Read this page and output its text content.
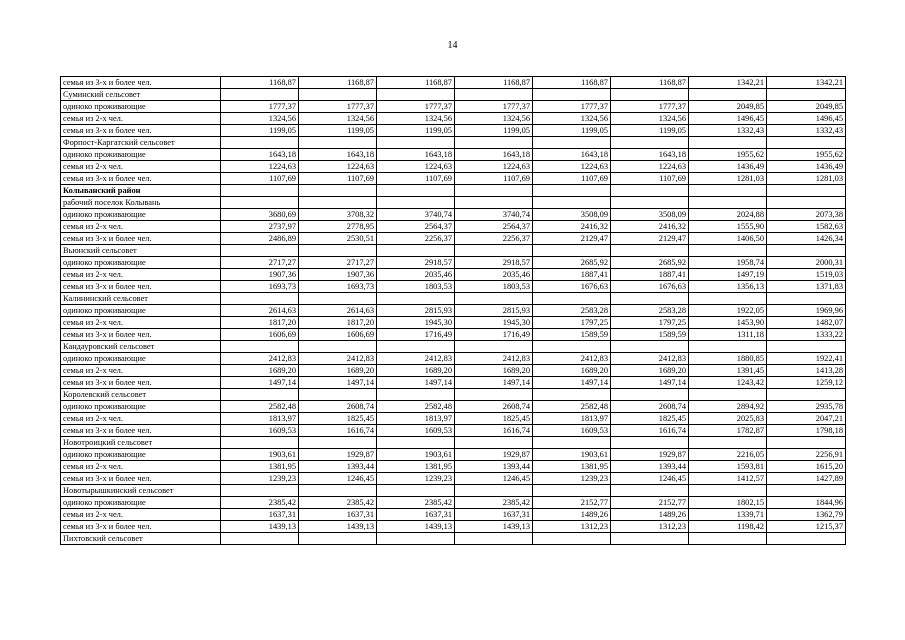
14
семья из 3-х и более чел.	1168,87	1168,87	1168,87	1168,87	1168,87	1168,87	1342,21	1342,21
Суминский сельсовет								
одиноко проживающие	1777,37	1777,37	1777,37	1777,37	1777,37	1777,37	2049,85	2049,85
семья из 2-х чел.	1324,56	1324,56	1324,56	1324,56	1324,56	1324,56	1496,45	1496,45
семья из 3-х и более чел.	1199,05	1199,05	1199,05	1199,05	1199,05	1199,05	1332,43	1332,43
Форпост-Каргатский сельсовет								
одиноко проживающие	1643,18	1643,18	1643,18	1643,18	1643,18	1643,18	1955,62	1955,62
семья из 2-х чел.	1224,63	1224,63	1224,63	1224,63	1224,63	1224,63	1436,49	1436,49
семья из 3-х и более чел.	1107,69	1107,69	1107,69	1107,69	1107,69	1107,69	1281,03	1281,03
Колыванский район								
рабочий поселок Колывань								
одиноко проживающие	3680,69	3708,32	3740,74	3740,74	3508,09	3508,09	2024,88	2073,38
семья из 2-х чел.	2737,97	2778,95	2564,37	2564,37	2416,32	2416,32	1555,90	1582,63
семья из 3-х и более чел.	2486,89	2530,51	2256,37	2256,37	2129,47	2129,47	1406,50	1426,34
Вьюнский сельсовет								
одиноко проживающие	2717,27	2717,27	2918,57	2918,57	2685,92	2685,92	1958,74	2000,31
семья из 2-х чел.	1907,36	1907,36	2035,46	2035,46	1887,41	1887,41	1497,19	1519,03
семья из 3-х и более чел.	1693,73	1693,73	1803,53	1803,53	1676,63	1676,63	1356,13	1371,83
Калининский сельсовет								
одиноко проживающие	2614,63	2614,63	2815,93	2815,93	2583,28	2583,28	1922,05	1969,96
семья из 2-х чел.	1817,20	1817,20	1945,30	1945,30	1797,25	1797,25	1453,90	1482,07
семья из 3-х и более чел.	1606,69	1606,69	1716,49	1716,49	1589,59	1589,59	1311,18	1333,22
Кандауровский сельсовет								
одиноко проживающие	2412,83	2412,83	2412,83	2412,83	2412,83	2412,83	1880,85	1922,41
семья из 2-х чел.	1689,20	1689,20	1689,20	1689,20	1689,20	1689,20	1391,45	1413,28
семья из 3-х и более чел.	1497,14	1497,14	1497,14	1497,14	1497,14	1497,14	1243,42	1259,12
Королевский сельсовет								
одиноко проживающие	2582,48	2608,74	2582,48	2608,74	2582,48	2608,74	2894,92	2935,78
семья из 2-х чел.	1813,97	1825,45	1813,97	1825,45	1813,97	1825,45	2025,83	2047,21
семья из 3-х и более чел.	1609,53	1616,74	1609,53	1616,74	1609,53	1616,74	1782,87	1798,18
Новотроицкий сельсовет								
одиноко проживающие	1903,61	1929,87	1903,61	1929,87	1903,61	1929,87	2216,05	2256,91
семья из 2-х чел.	1381,95	1393,44	1381,95	1393,44	1381,95	1393,44	1593,81	1615,20
семья из 3-х и более чел.	1239,23	1246,45	1239,23	1246,45	1239,23	1246,45	1412,57	1427,89
Новотырышкинский сельсовет								
одиноко проживающие	2385,42	2385,42	2385,42	2385,42	2152,77	2152,77	1802,15	1844,96
семья из 2-х чел.	1637,31	1637,31	1637,31	1637,31	1489,26	1489,26	1339,71	1362,79
семья из 3-х и более чел.	1439,13	1439,13	1439,13	1439,13	1312,23	1312,23	1198,42	1215,37
Пихтовский сельсовет								
